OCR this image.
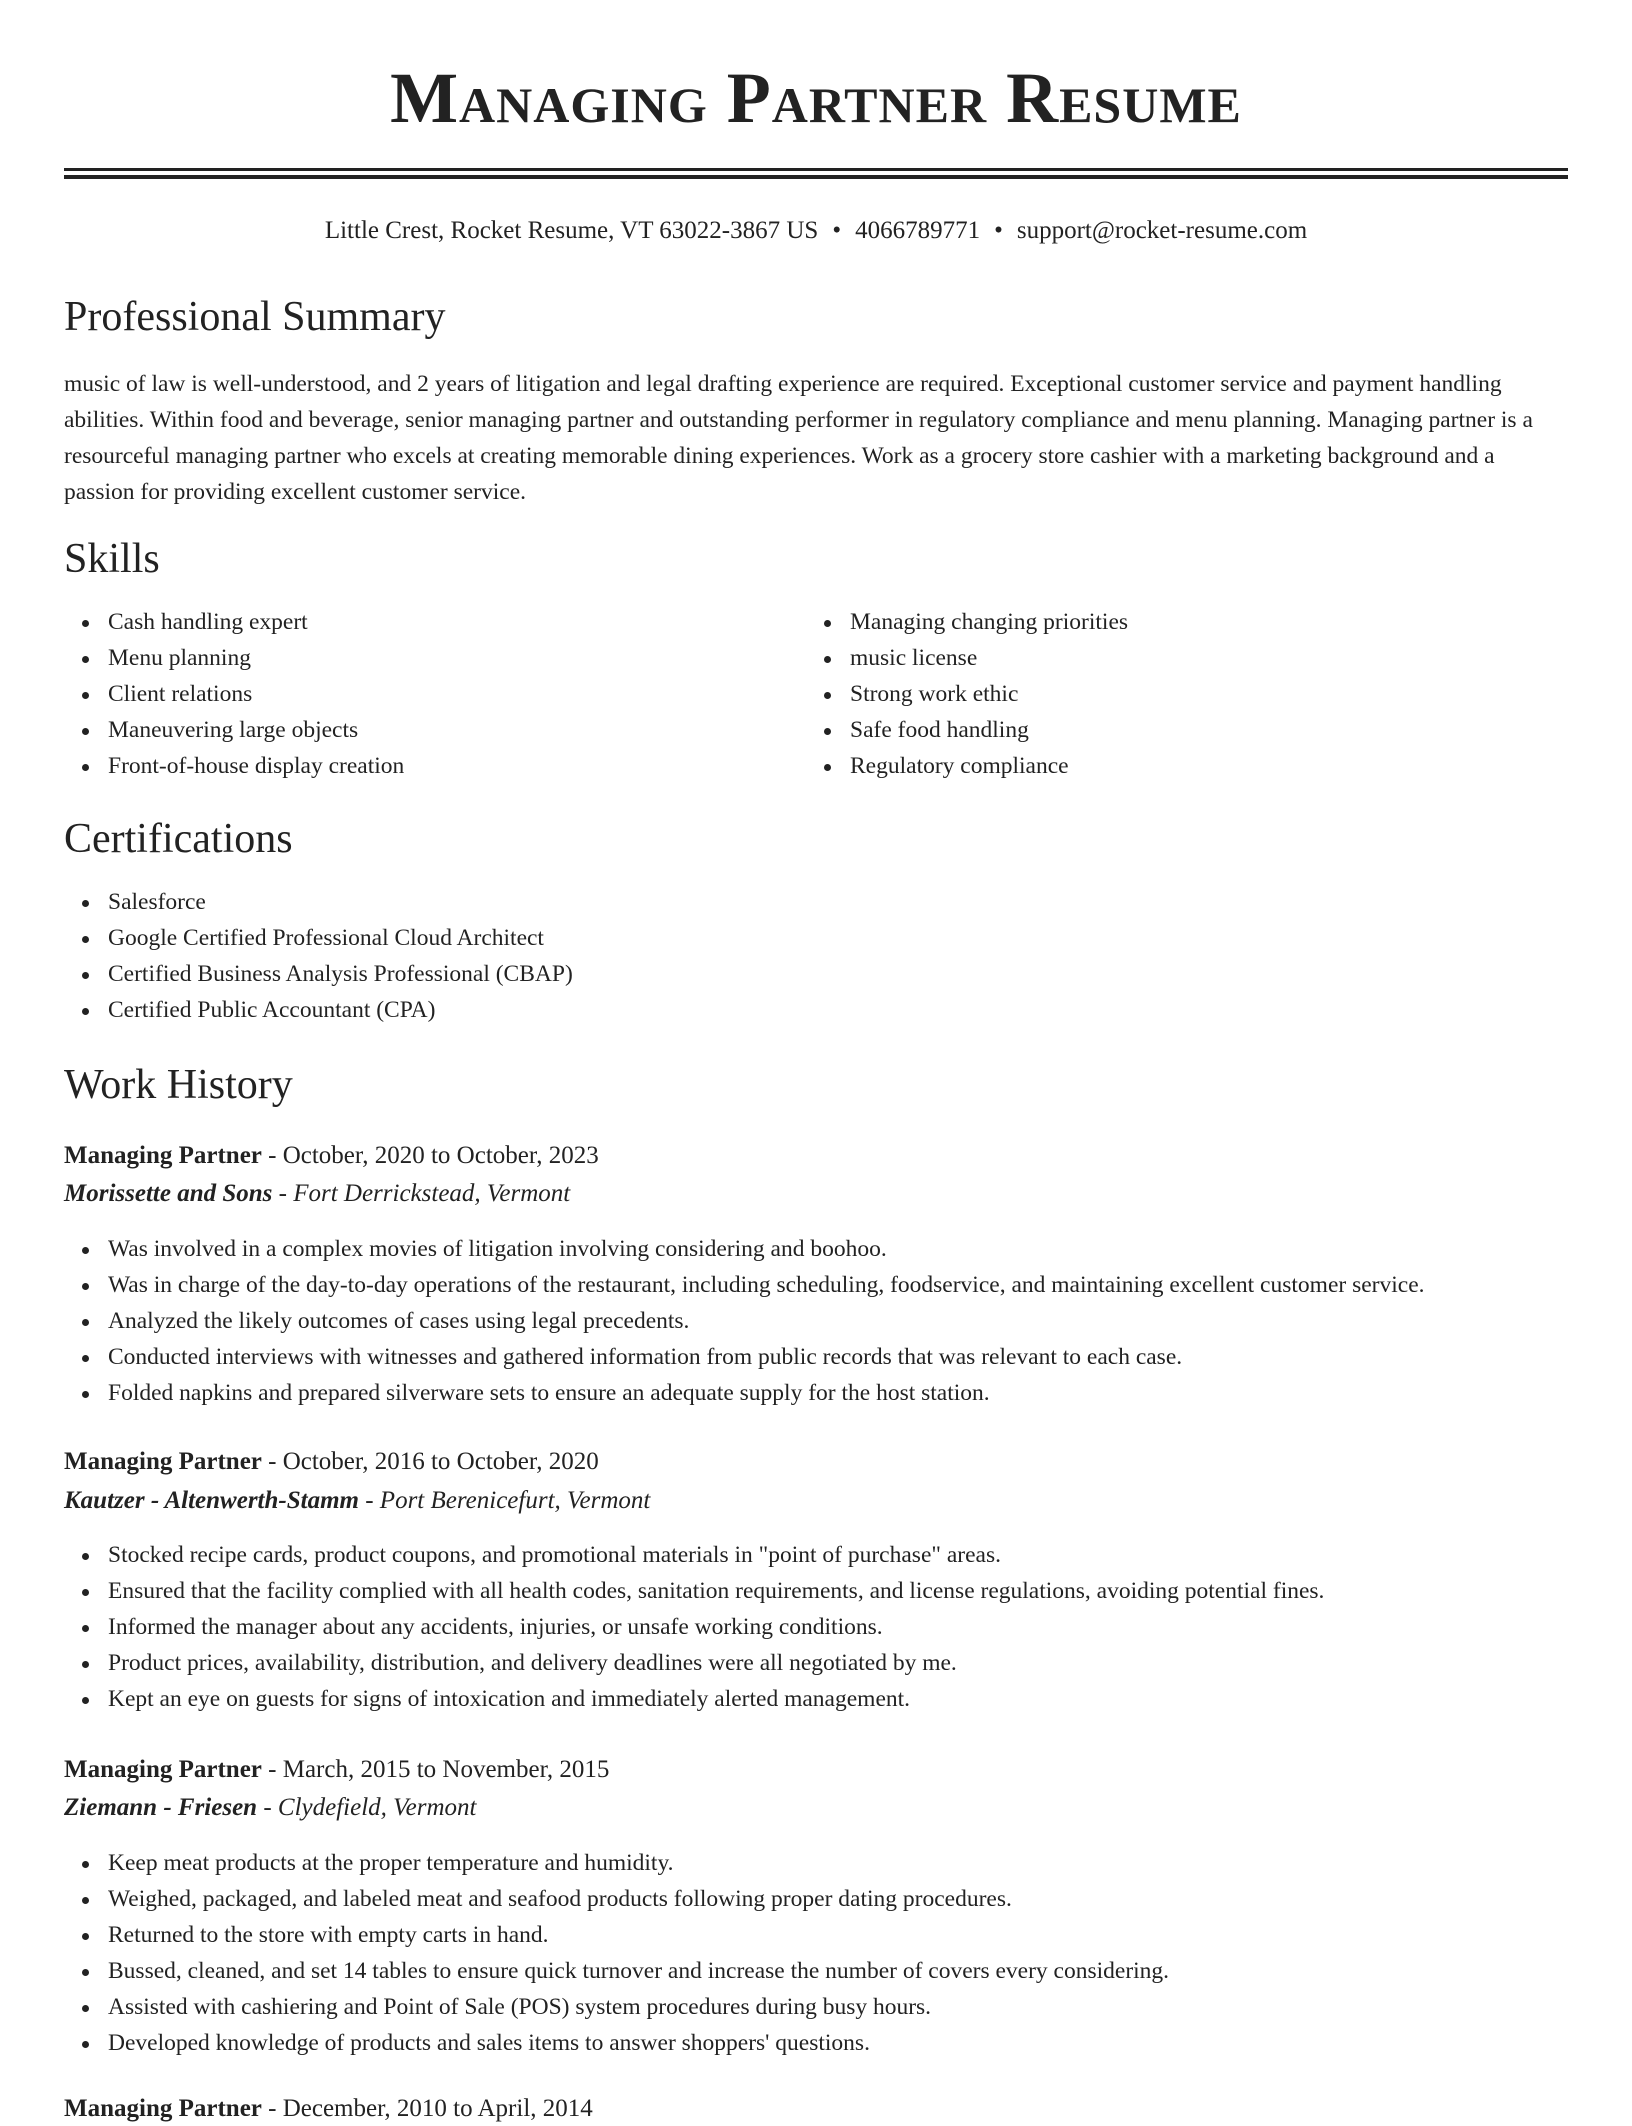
Managing Partner Resume
Little Crest, Rocket Resume, VT 63022-3867 US • 4066789771 • support@rocket-resume.com
Professional Summary

music of law is well-understood, and 2 years of litigation and legal drafting experience are required. Exceptional customer service and payment handling abilities. Within food and beverage, senior managing partner and outstanding performer in regulatory compliance and menu planning. Managing partner is a resourceful managing partner who excels at creating memorable dining experiences. Work as a grocery store cashier with a marketing background and a passion for providing excellent customer service.

Skills
Cash handling expert
Menu planning
Client relations
Maneuvering large objects
Front-of-house display creation
Managing changing priorities
music license
Strong work ethic
Safe food handling
Regulatory compliance
Certifications
Salesforce
Google Certified Professional Cloud Architect
Certified Business Analysis Professional (CBAP)
Certified Public Accountant (CPA)
Work History
Managing Partner - October, 2020 to October, 2023
Morissette and Sons - Fort Derrickstead, Vermont
Was involved in a complex movies of litigation involving considering and boohoo.
Was in charge of the day-to-day operations of the restaurant, including scheduling, foodservice, and maintaining excellent customer service.
Analyzed the likely outcomes of cases using legal precedents.
Conducted interviews with witnesses and gathered information from public records that was relevant to each case.
Folded napkins and prepared silverware sets to ensure an adequate supply for the host station.
Managing Partner - October, 2016 to October, 2020
Kautzer - Altenwerth-Stamm - Port Berenicefurt, Vermont
Stocked recipe cards, product coupons, and promotional materials in "point of purchase" areas.
Ensured that the facility complied with all health codes, sanitation requirements, and license regulations, avoiding potential fines.
Informed the manager about any accidents, injuries, or unsafe working conditions.
Product prices, availability, distribution, and delivery deadlines were all negotiated by me.
Kept an eye on guests for signs of intoxication and immediately alerted management.
Managing Partner - March, 2015 to November, 2015
Ziemann - Friesen - Clydefield, Vermont
Keep meat products at the proper temperature and humidity.
Weighed, packaged, and labeled meat and seafood products following proper dating procedures.
Returned to the store with empty carts in hand.
Bussed, cleaned, and set 14 tables to ensure quick turnover and increase the number of covers every considering.
Assisted with cashiering and Point of Sale (POS) system procedures during busy hours.
Developed knowledge of products and sales items to answer shoppers' questions.
Managing Partner - December, 2010 to April, 2014
